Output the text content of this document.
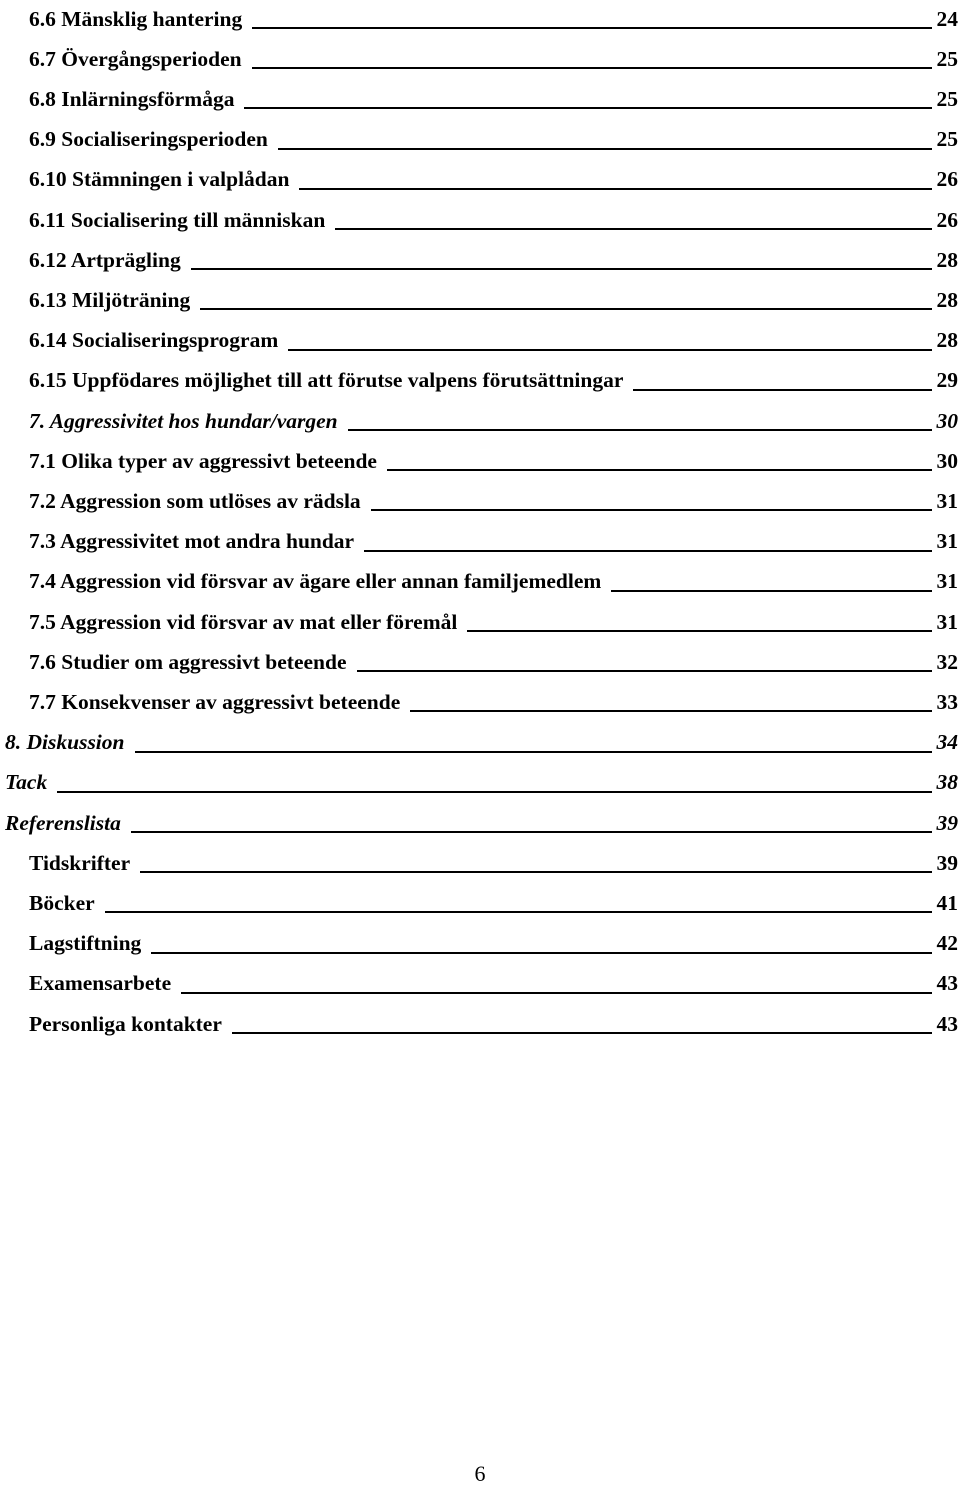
6.6 Mänsklig hantering	24
6.7 Övergångsperioden	25
6.8 Inlärningsförmåga	25
6.9 Socialiseringsperioden	25
6.10 Stämningen i valplådan	26
6.11 Socialisering till människan	26
6.12 Artprägling	28
6.13 Miljöträning	28
6.14 Socialiseringsprogram	28
6.15 Uppfödares möjlighet till att förutse valpens förutsättningar	29
7. Aggressivitet hos hundar/vargen	30
7.1 Olika typer av aggressivt beteende	30
7.2 Aggression som utlöses av rädsla	31
7.3 Aggressivitet mot andra hundar	31
7.4 Aggression vid försvar av ägare eller annan familjemedlem	31
7.5 Aggression vid försvar av mat eller föremål	31
7.6 Studier om aggressivt beteende	32
7.7 Konsekvenser av aggressivt beteende	33
8. Diskussion	34
Tack	38
Referenslista	39
Tidskrifter	39
Böcker	41
Lagstiftning	42
Examensarbete	43
Personliga kontakter	43
6
